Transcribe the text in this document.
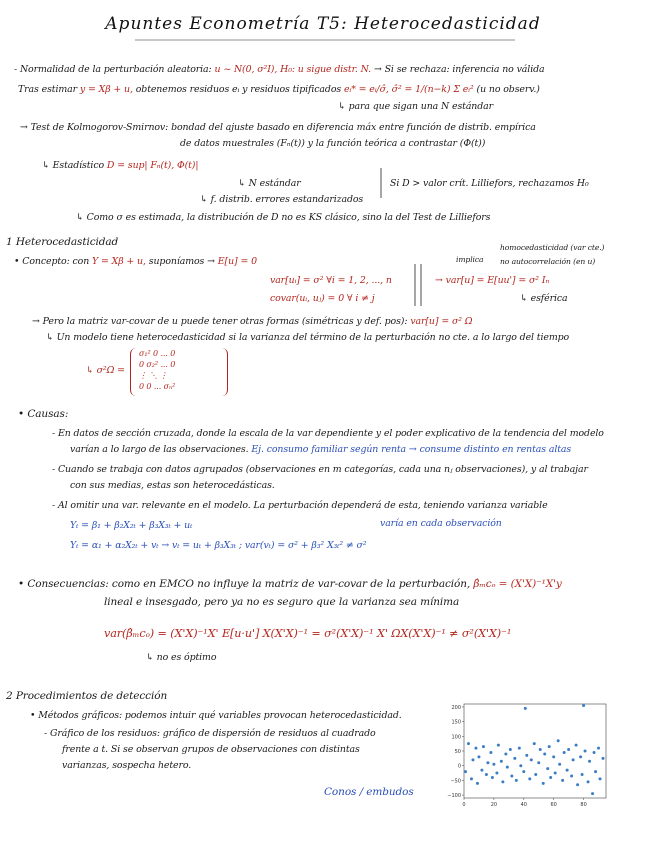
Apuntes Econometría T5: Heterocedasticidad
- Normalidad de la perturbación aleatoria: u ~ N(0, σ²I), H₀: u sigue distr. N. → Si se rechaza: inferencia no válida
Tras estimar y = Xβ + u, obtenemos residuos eᵢ y residuos tipificados eᵢ* = eᵢ/σ̂, σ̂² = 1/(n−k) Σ eᵢ² (u no observ.)
↳ para que sigan una N estándar
→ Test de Kolmogorov-Smirnov: bondad del ajuste basado en diferencia máx entre función de distrib. empírica
de datos muestrales (Fₙ(t)) y la función teórica a contrastar (Φ(t))
↳ Estadístico D = sup| Fₙ(t), Φ(t)|
Si D > valor crít. Lilliefors, rechazamos H₀
↳ N estándar
↳ f. distrib. errores estandarizados
↳ Como σ es estimada, la distribución de D no es KS clásico, sino la del Test de Lilliefors
1 Heterocedasticidad
• Concepto: con Y = Xβ + u, suponíamos → E[u] = 0
var[uᵢ] = σ² ∀i = 1, 2, ..., n
covar(uᵢ, uⱼ) = 0 ∀ i ≠ j
implica
homocedasticidad (var cte.)
no autocorrelación (en u)
→ var[u] = E[uu'] = σ² Iₙ
↳ esférica
→ Pero la matriz var-covar de u puede tener otras formas (simétricas y def. pos): var[u] = σ² Ω
↳ Un modelo tiene heterocedasticidad si la varianza del término de la perturbación no cte. a lo largo del tiempo
↳ σ²Ω =
σ₁² 0 ... 0
0 σ₂² ... 0
⋮ ⋱ ⋮
0 0 ... σₙ²
• Causas:
- En datos de sección cruzada, donde la escala de la var dependiente y el poder explicativo de la tendencia del modelo
varían a lo largo de las observaciones. Ej. consumo familiar según renta → consume distinto en rentas altas
- Cuando se trabaja con datos agrupados (observaciones en m categorías, cada una nⱼ observaciones), y al trabajar
con sus medias, estas son heterocedásticas.
- Al omitir una var. relevante en el modelo. La perturbación dependerá de esta, teniendo varianza variable
Yₜ = β₁ + β₂X₂ₜ + β₃X₃ₜ + uₜ	varía en cada observación
Yₜ = α₁ + α₂X₂ₜ + vₜ → vₜ = uₜ + β₃X₃ₜ ; var(vₜ) = σ² + β₃² X₃ₜ² ≠ σ²
• Consecuencias: como en EMCO no influye la matriz de var-covar de la perturbación, β̂ₘcₒ = (X'X)⁻¹X'y
lineal e insesgado, pero ya no es seguro que la varianza sea mínima
var(β̂ₘcₒ) = (X'X)⁻¹X' E[u·u'] X(X'X)⁻¹ = σ²(X'X)⁻¹ X' ΩX(X'X)⁻¹ ≠ σ²(X'X)⁻¹
↳ no es óptimo
2 Procedimientos de detección
• Métodos gráficos: podemos intuir qué variables provocan heterocedasticidad.
- Gráfico de los residuos: gráfico de dispersión de residuos al cuadrado
frente a t. Si se observan grupos de observaciones con distintas
varianzas, sospecha hetero.
Conos / embudos
200
150
100
50
0
−50
−100
0	20	40	60	80
